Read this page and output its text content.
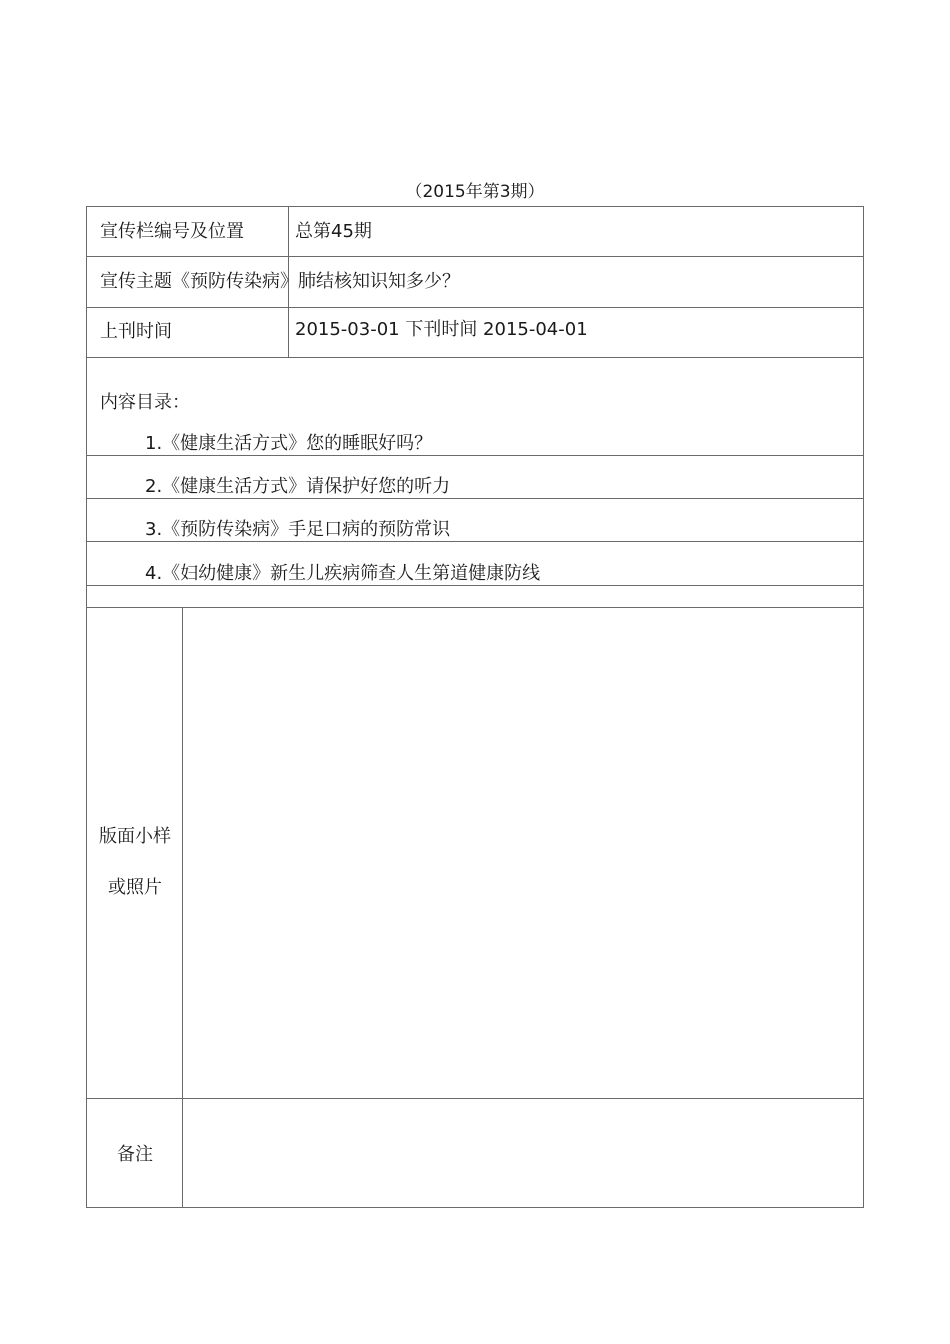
（2015年第3期）
宣传栏编号及位置	总第45期
宣传主题《预防传染病》肺结核知识知多少？
上刊时间	2015-03-01 下刊时间 2015-04-01
内容目录：
1.《健康生活方式》您的睡眠好吗？
2.《健康生活方式》请保护好您的听力
3.《预防传染病》手足口病的预防常识
4.《妇幼健康》新生儿疾病筛查人生第道健康防线
版面小样
或照片
备注
